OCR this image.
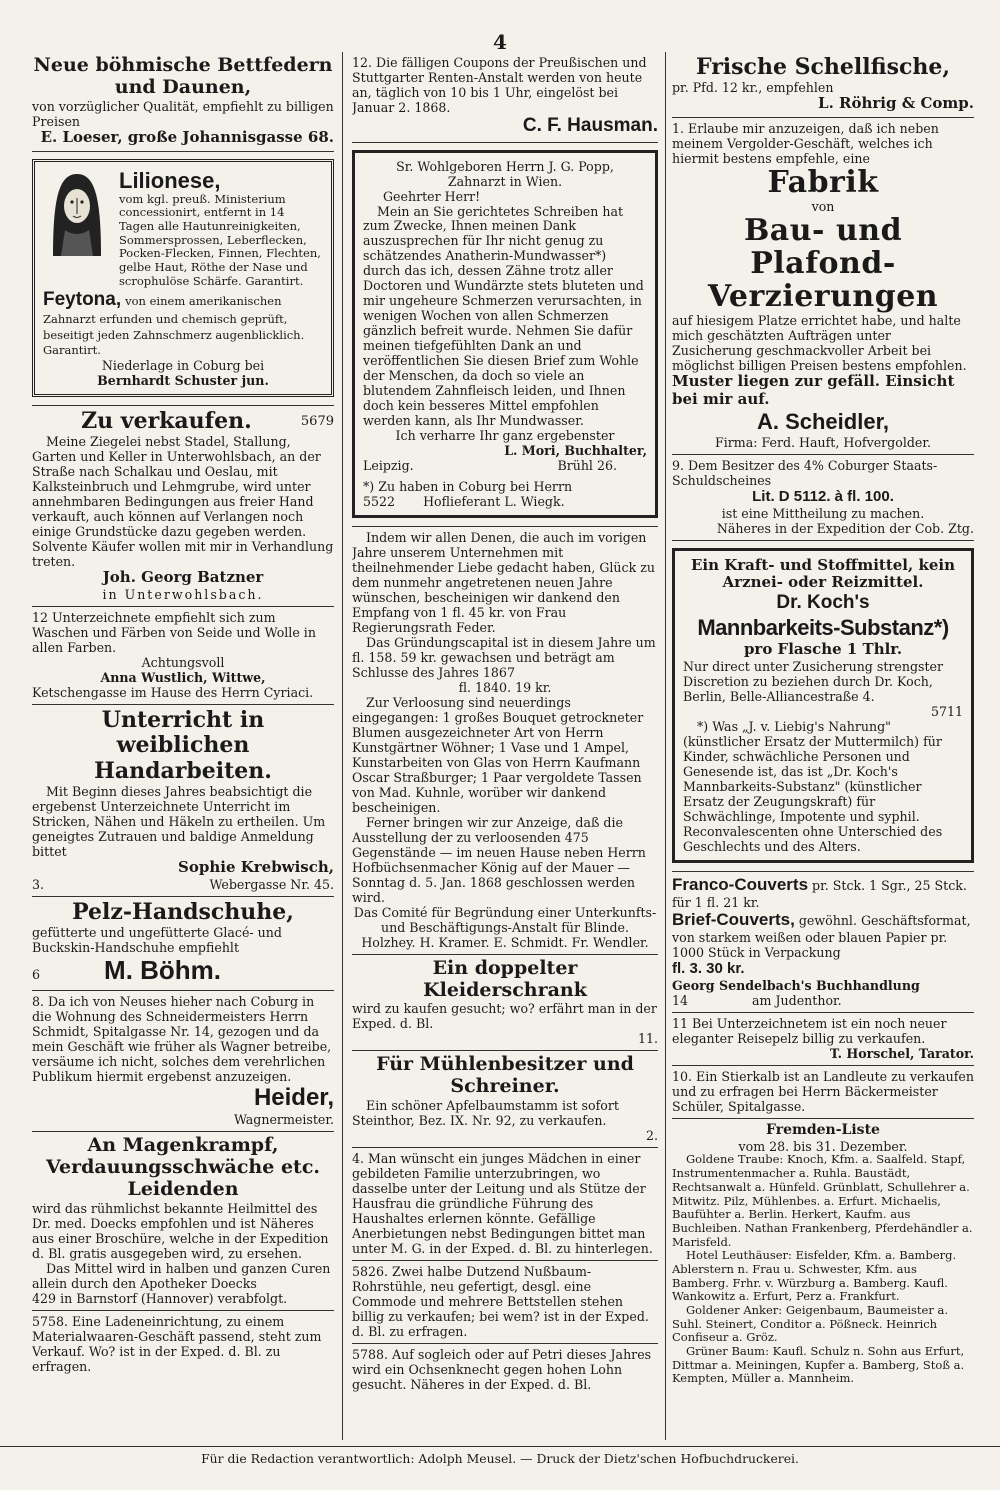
4

Neue böhmische Bettfedern und Daunen,

von vorzüglicher Qualität, empfiehlt zu billigen Preisen

E. Loeser, große Johannisgasse 68.

Lilionese,

vom kgl. preuß. Ministerium concessionirt, entfernt in 14 Tagen alle Hautunreinigkeiten, Sommersprossen, Leberflecken, Pocken-Flecken, Finnen, Flechten, gelbe Haut, Röthe der Nase und scrophulöse Schärfe. Garantirt.

Feytona, von einem amerikanischen Zahnarzt erfunden und chemisch geprüft, beseitigt jeden Zahnschmerz augenblicklich. Garantirt.

Niederlage in Coburg bei

Bernhardt Schuster jun.

Zu verkaufen.	5679

Meine Ziegelei nebst Stadel, Stallung, Garten und Keller in Unterwohlsbach, an der Straße nach Schalkau und Oeslau, mit Kalksteinbruch und Lehmgrube, wird unter annehmbaren Bedingungen aus freier Hand verkauft, auch können auf Verlangen noch einige Grundstücke dazu gegeben werden. Solvente Käufer wollen mit mir in Verhandlung treten.

Joh. Georg Batzner

in Unterwohlsbach.

12 Unterzeichnete empfiehlt sich zum Waschen und Färben von Seide und Wolle in allen Farben.

Achtungsvoll

Anna Wustlich, Wittwe,

Ketschengasse im Hause des Herrn Cyriaci.

Unterricht in weiblichen Handarbeiten.

Mit Beginn dieses Jahres beabsichtigt die ergebenst Unterzeichnete Unterricht im Stricken, Nähen und Häkeln zu ertheilen. Um geneigtes Zutrauen und baldige Anmeldung bittet

Sophie Krebwisch,

3.	Webergasse Nr. 45.

Pelz-Handschuhe,

gefütterte und ungefütterte Glacé- und Buckskin-Handschuhe empfiehlt

6 M. Böhm.

8. Da ich von Neuses hieher nach Coburg in die Wohnung des Schneidermeisters Herrn Schmidt, Spitalgasse Nr. 14, gezogen und da mein Geschäft wie früher als Wagner betreibe, versäume ich nicht, solches dem verehrlichen Publikum hiermit ergebenst anzuzeigen.

Heider,

Wagnermeister.

An Magenkrampf, Verdauungsschwäche etc. Leidenden

wird das rühmlichst bekannte Heilmittel des Dr. med. Doecks empfohlen und ist Näheres aus einer Broschüre, welche in der Expedition d. Bl. gratis ausgegeben wird, zu ersehen.

Das Mittel wird in halben und ganzen Curen allein durch den Apotheker Doecks

429 in Barnstorf (Hannover) verabfolgt.

5758. Eine Ladeneinrichtung, zu einem Materialwaaren-Geschäft passend, steht zum Verkauf. Wo? ist in der Exped. d. Bl. zu erfragen.

12. Die fälligen Coupons der Preußischen und Stuttgarter Renten-Anstalt werden von heute an, täglich von 10 bis 1 Uhr, eingelöst bei

Januar 2. 1868.

C. F. Hausman.

Sr. Wohlgeboren Herrn J. G. Popp,

Zahnarzt in Wien.

Geehrter Herr!

Mein an Sie gerichtetes Schreiben hat zum Zwecke, Ihnen meinen Dank auszusprechen für Ihr nicht genug zu schätzendes Anatherin-Mundwasser*) durch das ich, dessen Zähne trotz aller Doctoren und Wundärzte stets bluteten und mir ungeheure Schmerzen verursachten, in wenigen Wochen von allen Schmerzen gänzlich befreit wurde. Nehmen Sie dafür meinen tiefgefühlten Dank an und veröffentlichen Sie diesen Brief zum Wohle der Menschen, da doch so viele an blutendem Zahnfleisch leiden, und Ihnen doch kein besseres Mittel empfohlen werden kann, als Ihr Mundwasser.

Ich verharre Ihr ganz ergebenster

L. Mori, Buchhalter,

Leipzig.	Brühl 26.

*) Zu haben in Coburg bei Herrn

5522 Hoflieferant L. Wiegk.

Indem wir allen Denen, die auch im vorigen Jahre unserem Unternehmen mit theilnehmender Liebe gedacht haben, Glück zu dem nunmehr angetretenen neuen Jahre wünschen, bescheinigen wir dankend den Empfang von 1 fl. 45 kr. von Frau Regierungsrath Feder.

Das Gründungscapital ist in diesem Jahre um fl. 158. 59 kr. gewachsen und beträgt am Schlusse des Jahres 1867

fl. 1840. 19 kr.

Zur Verloosung sind neuerdings eingegangen: 1 großes Bouquet getrockneter Blumen ausgezeichneter Art von Herrn Kunstgärtner Wöhner; 1 Vase und 1 Ampel, Kunstarbeiten von Glas von Herrn Kaufmann Oscar Straßburger; 1 Paar vergoldete Tassen von Mad. Kuhnle, worüber wir dankend bescheinigen.

Ferner bringen wir zur Anzeige, daß die Ausstellung der zu verloosenden 475 Gegenstände — im neuen Hause neben Herrn Hofbüchsenmacher König auf der Mauer — Sonntag d. 5. Jan. 1868 geschlossen werden wird.

Das Comité für Begründung einer Unterkunfts- und Beschäftigungs-Anstalt für Blinde.

Holzhey. H. Kramer. E. Schmidt. Fr. Wendler.

Ein doppelter Kleiderschrank

wird zu kaufen gesucht; wo? erfährt man in der Exped. d. Bl.

11.

Für Mühlenbesitzer und Schreiner.

Ein schöner Apfelbaumstamm ist sofort Steinthor, Bez. IX. Nr. 92, zu verkaufen.

2.

4. Man wünscht ein junges Mädchen in einer gebildeten Familie unterzubringen, wo dasselbe unter der Leitung und als Stütze der Hausfrau die gründliche Führung des Haushaltes erlernen könnte. Gefällige Anerbietungen nebst Bedingungen bittet man unter M. G. in der Exped. d. Bl. zu hinterlegen.

5826. Zwei halbe Dutzend Nußbaum-Rohrstühle, neu gefertigt, desgl. eine Commode und mehrere Bettstellen stehen billig zu verkaufen; bei wem? ist in der Exped. d. Bl. zu erfragen.

5788. Auf sogleich oder auf Petri dieses Jahres wird ein Ochsenknecht gegen hohen Lohn gesucht. Näheres in der Exped. d. Bl.

Frische Schellfische,

pr. Pfd. 12 kr., empfehlen

L. Röhrig & Comp.

1. Erlaube mir anzuzeigen, daß ich neben meinem Vergolder-Geschäft, welches ich hiermit bestens empfehle, eine

Fabrik

von

Bau- und Plafond-Verzierungen

auf hiesigem Platze errichtet habe, und halte mich geschätzten Aufträgen unter Zusicherung geschmackvoller Arbeit bei möglichst billigen Preisen bestens empfohlen.

Muster liegen zur gefäll. Einsicht bei mir auf.

A. Scheidler,

Firma: Ferd. Hauft, Hofvergolder.

9. Dem Besitzer des 4% Coburger Staats-Schuldscheines

Lit. D 5112. à fl. 100.

ist eine Mittheilung zu machen.

Näheres in der Expedition der Cob. Ztg.

Ein Kraft- und Stoffmittel, kein Arznei- oder Reizmittel.

Dr. Koch's

Mannbarkeits-Substanz*)

pro Flasche 1 Thlr.

Nur direct unter Zusicherung strengster Discretion zu beziehen durch Dr. Koch, Berlin, Belle-Alliancestraße 4.

5711

*) Was „J. v. Liebig's Nahrung" (künstlicher Ersatz der Muttermilch) für Kinder, schwächliche Personen und Genesende ist, das ist „Dr. Koch's Mannbarkeits-Substanz" (künstlicher Ersatz der Zeugungskraft) für Schwächlinge, Impotente und syphil. Reconvalescenten ohne Unterschied des Geschlechts und des Alters.

Franco-Couverts pr. Stck. 1 Sgr., 25 Stck. für 1 fl. 21 kr.

Brief-Couverts, gewöhnl. Geschäftsformat, von starkem weißen oder blauen Papier pr. 1000 Stück in Verpackung

fl. 3. 30 kr.

Georg Sendelbach's Buchhandlung

14	am Judenthor.

11 Bei Unterzeichnetem ist ein noch neuer eleganter Reisepelz billig zu verkaufen.

T. Horschel, Tarator.

10. Ein Stierkalb ist an Landleute zu verkaufen und zu erfragen bei Herrn Bäckermeister Schüler, Spitalgasse.

Fremden-Liste

vom 28. bis 31. Dezember.

Goldene Traube: Knoch, Kfm. a. Saalfeld. Stapf, Instrumentenmacher a. Ruhla. Baustädt, Rechtsanwalt a. Hünfeld. Grünblatt, Schullehrer a. Mitwitz. Pilz, Mühlenbes. a. Erfurt. Michaelis, Baufühter a. Berlin. Herkert, Kaufm. aus Buchleiben. Nathan Frankenberg, Pferdehändler a. Marisfeld.

Hotel Leuthäuser: Eisfelder, Kfm. a. Bamberg. Ablerstern n. Frau u. Schwester, Kfm. aus Bamberg. Frhr. v. Würzburg a. Bamberg. Kaufl. Wankowitz a. Erfurt, Perz a. Frankfurt.

Goldener Anker: Geigenbaum, Baumeister a. Suhl. Steinert, Conditor a. Pößneck. Heinrich Confiseur a. Gröz.

Grüner Baum: Kaufl. Schulz n. Sohn aus Erfurt, Dittmar a. Meiningen, Kupfer a. Bamberg, Stoß a. Kempten, Müller a. Mannheim.

Für die Redaction verantwortlich: Adolph Meusel. — Druck der Dietz'schen Hofbuchdruckerei.
